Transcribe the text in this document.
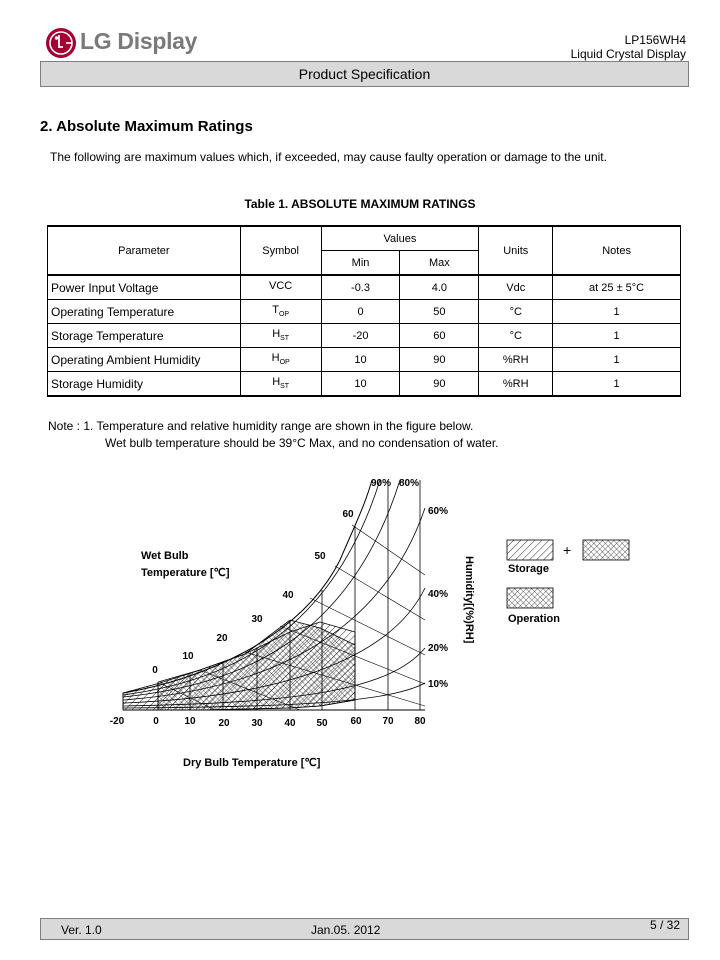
LG Display	LP156WH4
Liquid Crystal Display
Product Specification
2. Absolute Maximum Ratings
The following are maximum values which, if exceeded, may cause faulty operation or damage to the unit.
Table 1. ABSOLUTE MAXIMUM RATINGS
Parameter	Symbol	Values		Units	Notes
		Min	Max		
Power Input Voltage	VCC	-0.3	4.0	Vdc	at 25 ± 5°C
Operating Temperature	$T_{OP}$	0	50	°C	1
Storage Temperature	$H_{ST}$	-20	60	°C	1
Operating Ambient Humidity	$H_{OP}$	10	90	%RH	1
Storage Humidity	$H_{ST}$	10	90	%RH	1
Note : 1. Temperature and relative humidity range are shown in the figure below.
Wet bulb temperature should be 39°C Max, and no condensation of water.
-20	0	10 20 30 40 50 60 70 80
0
10
20
30
40
50
60
90% 80%
60%
40%
20%
10%
Wet Bulb
Temperature [℃]
Dry Bulb Temperature [℃]
Humidity[(%)RH]
+
Storage
Operation
Ver. 1.0	Jan.05. 2012	5 / 32
